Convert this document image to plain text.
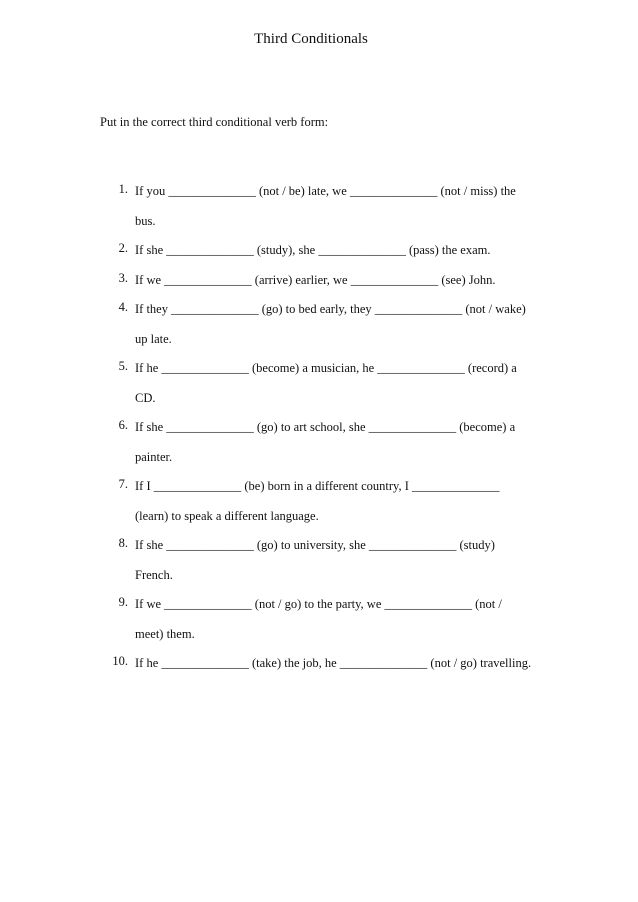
Third Conditionals
Put in the correct third conditional verb form:
1. If you ______________ (not / be) late, we ______________ (not / miss) the
bus.
2. If she ______________ (study), she ______________ (pass) the exam.
3. If we ______________ (arrive) earlier, we ______________ (see) John.
4. If they ______________ (go) to bed early, they ______________ (not / wake)
up late.
5. If he ______________ (become) a musician, he ______________ (record) a
CD.
6. If she ______________ (go) to art school, she ______________ (become) a
painter.
7. If I ______________ (be) born in a different country, I ______________
(learn) to speak a different language.
8. If she ______________ (go) to university, she ______________ (study)
French.
9. If we ______________ (not / go) to the party, we ______________ (not /
meet) them.
10. If he ______________ (take) the job, he ______________ (not / go) travelling.
